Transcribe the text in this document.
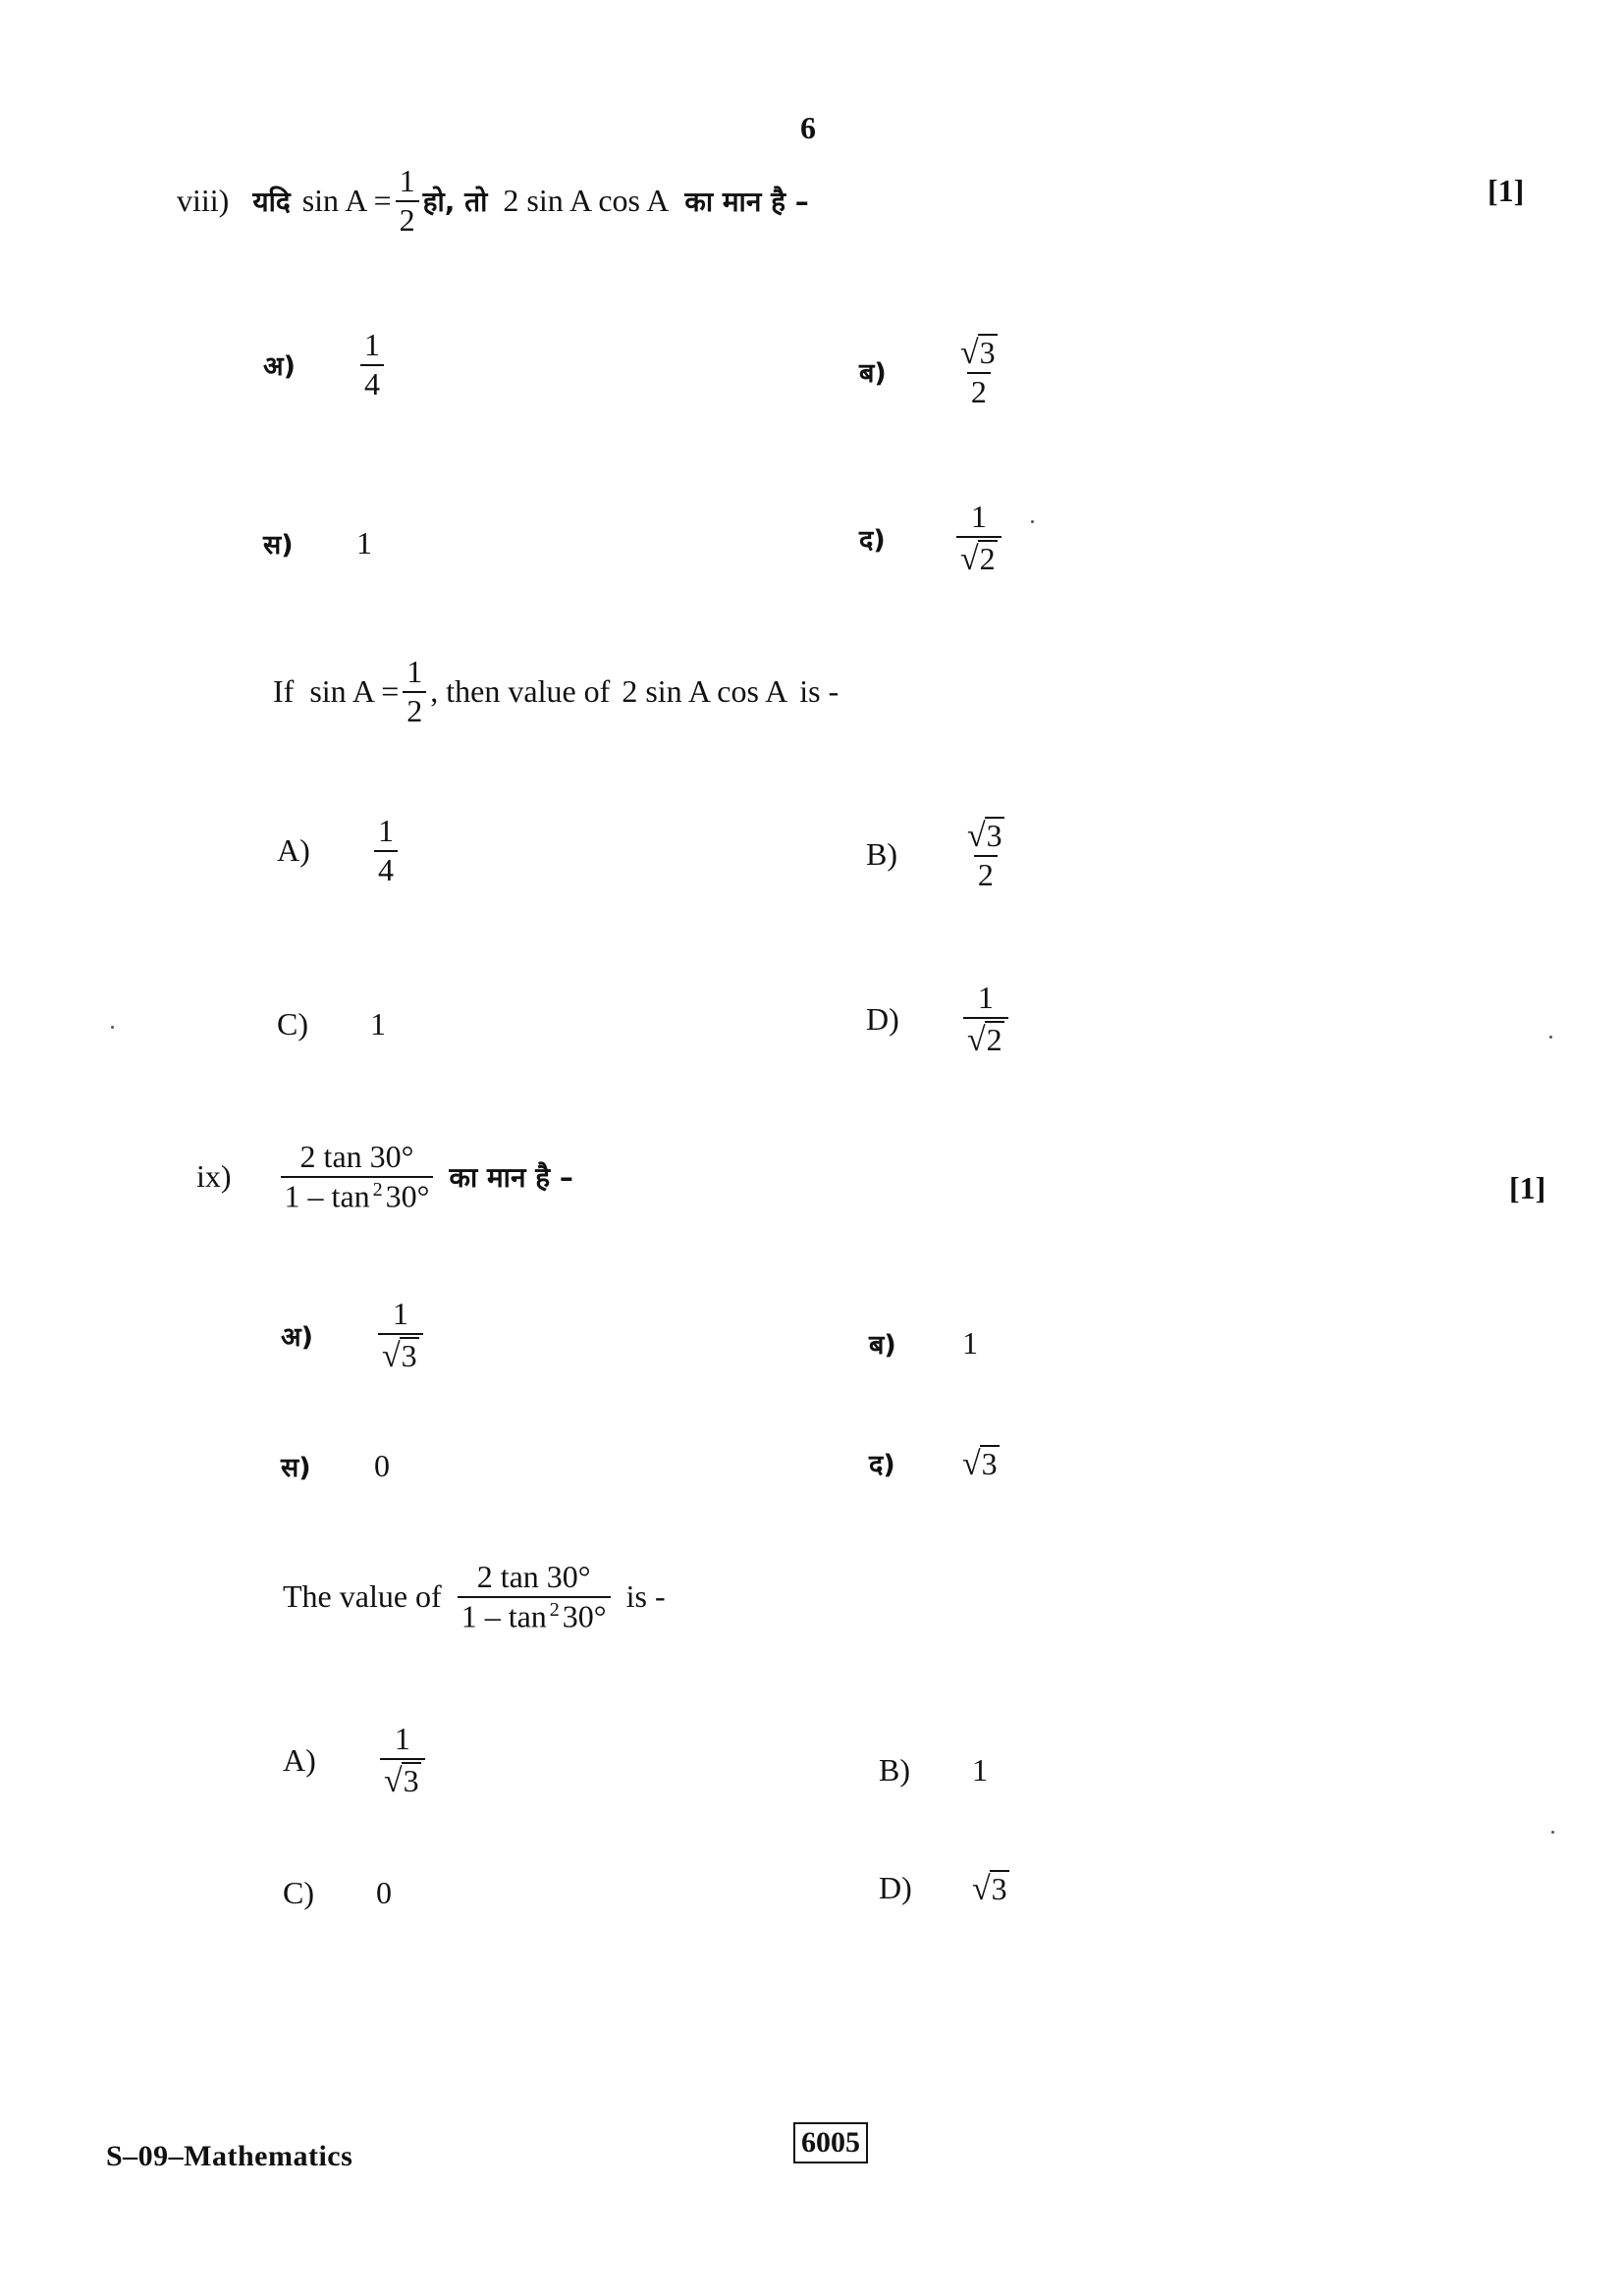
6
[1]
viii) यदि $\sin A = \frac{1}{2}$ हो, तो 2 sin A cos A का मान है –
अ)	$\frac{1}{4}$	ब)	$\frac{√ 3}{2}$
स)	1	द)	$\frac{1}{√ 2}$
If $\sin A = \frac{1}{2}$ , then value of 2 sin A cos A is -
A)	$\frac{1}{4}$	B)	$\frac{√ 3}{2}$
C)	1	D)	$\frac{1}{√ 2}$
[1]
$ix) \frac{2 \tan 30^\circ}{1 - \tan ^230^\circ}$ का मान है –
अ)	$\frac{1}{√ 3}$	ब)	1
स)	0	द)	√ 3
The value of $\frac{2 \tan 30^\circ}{1 - \tan ^230^\circ}$ is -
A)	$\frac{1}{√ 3}$	B)	1
C)	0	D)	√ 3
S–09–Mathematics	6005
